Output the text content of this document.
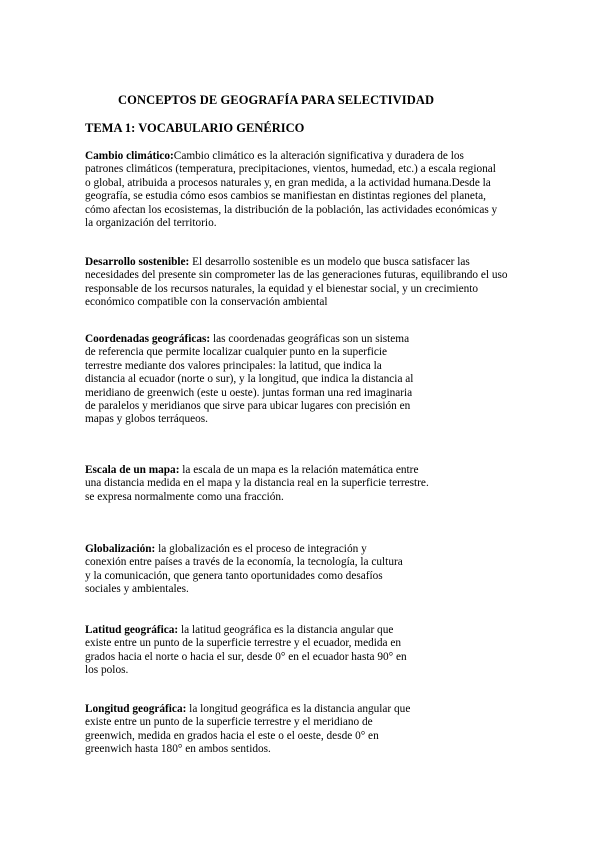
CONCEPTOS DE GEOGRAFÍA PARA SELECTIVIDAD
TEMA 1: VOCABULARIO GENÉRICO

Cambio climático:Cambio climático es la alteración significativa y duradera de los patrones climáticos (temperatura, precipitaciones, vientos, humedad, etc.) a escala regional o global, atribuida a procesos naturales y, en gran medida, a la actividad humana.Desde la geografía, se estudia cómo esos cambios se manifiestan en distintas regiones del planeta, cómo afectan los ecosistemas, la distribución de la población, las actividades económicas y la organización del territorio.

Desarrollo sostenible: El desarrollo sostenible es un modelo que busca satisfacer las necesidades del presente sin comprometer las de las generaciones futuras, equilibrando el uso responsable de los recursos naturales, la equidad y el bienestar social, y un crecimiento económico compatible con la conservación ambiental

Coordenadas geográficas: las coordenadas geográficas son un sistema de referencia que permite localizar cualquier punto en la superficie terrestre mediante dos valores principales: la latitud, que indica la distancia al ecuador (norte o sur), y la longitud, que indica la distancia al meridiano de greenwich (este u oeste). juntas forman una red imaginaria de paralelos y meridianos que sirve para ubicar lugares con precisión en mapas y globos terráqueos.

Escala de un mapa: la escala de un mapa es la relación matemática entre una distancia medida en el mapa y la distancia real en la superficie terrestre. se expresa normalmente como una fracción.

Globalización: la globalización es el proceso de integración y conexión entre países a través de la economía, la tecnología, la cultura y la comunicación, que genera tanto oportunidades como desafíos sociales y ambientales.

Latitud geográfica: la latitud geográfica es la distancia angular que existe entre un punto de la superficie terrestre y el ecuador, medida en grados hacia el norte o hacia el sur, desde 0° en el ecuador hasta 90° en los polos.

Longitud geográfica: la longitud geográfica es la distancia angular que existe entre un punto de la superficie terrestre y el meridiano de greenwich, medida en grados hacia el este o el oeste, desde 0° en greenwich hasta 180° en ambos sentidos.
